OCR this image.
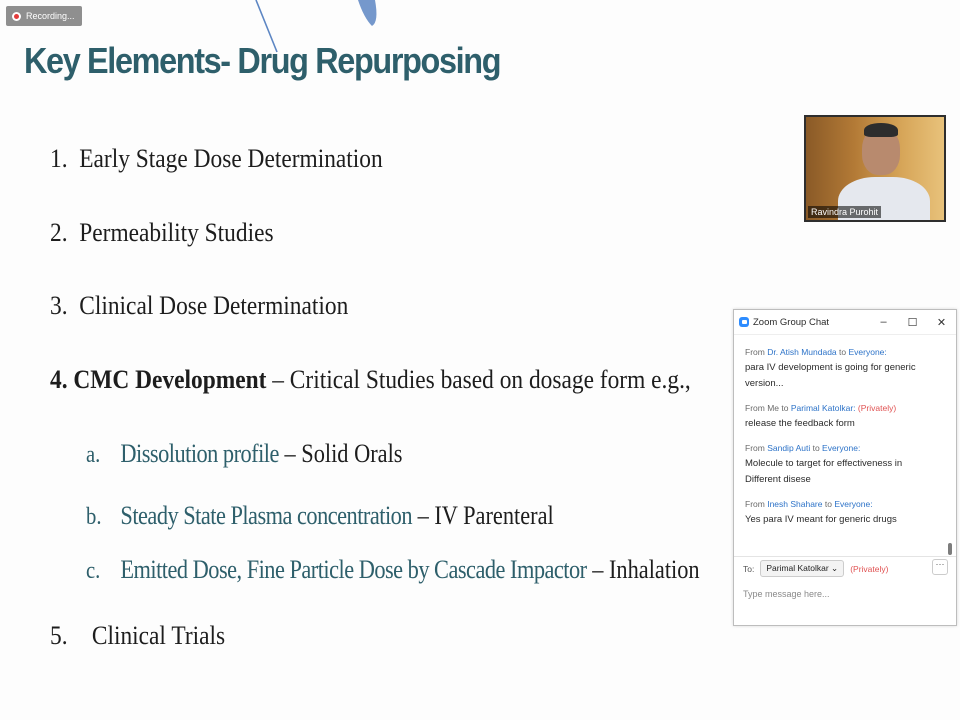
Key Elements- Drug Repurposing
1. Early Stage Dose Determination
2. Permeability Studies
3. Clinical Dose Determination
4. CMC Development – Critical Studies based on dosage form e.g.,
a. Dissolution profile – Solid Orals
b. Steady State Plasma concentration – IV Parenteral
c. Emitted Dose, Fine Particle Dose by Cascade Impactor – Inhalation
5. Clinical Trials
Recording...
Ravindra Purohit
Zoom Group Chat	–	☐	✕
From Dr. Atish Mundada to Everyone:
para IV development is going for generic version...
From Me to Parimal Katolkar: (Privately)
release the feedback form
From Sandip Auti to Everyone:
Molecule to target for effectiveness in Different disese
From Inesh Shahare to Everyone:
Yes para IV meant for generic drugs
To:	Parimal Katolkar ⌄	(Privately)	···
Type message here...
